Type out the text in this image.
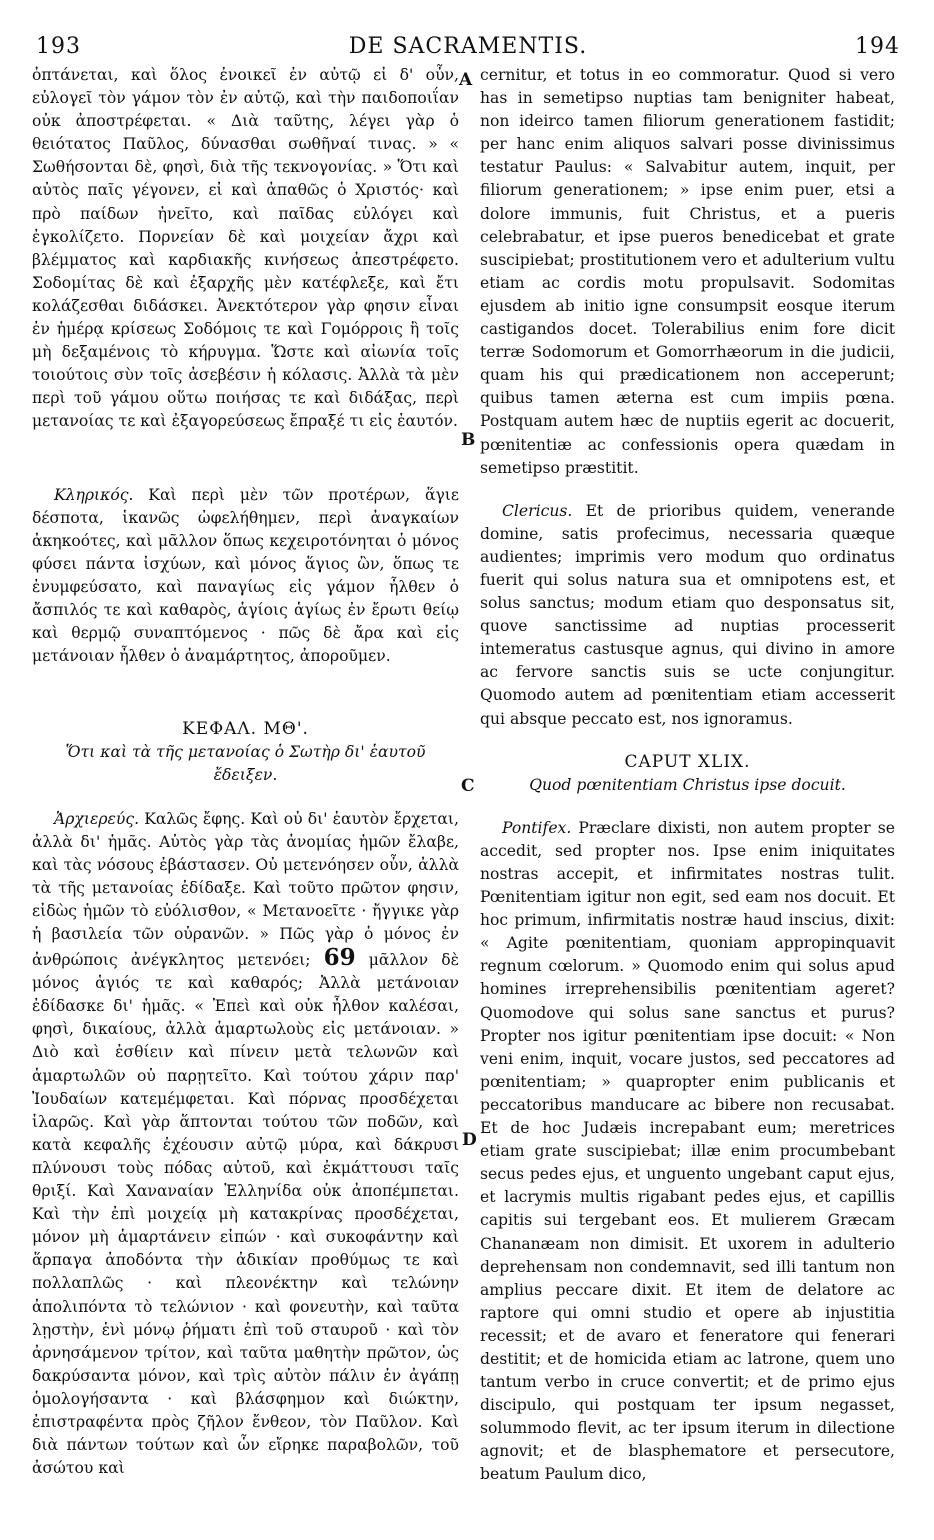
193	DE SACRAMENTIS.	194
A
B
C
D

ὀπτάνεται, καὶ ὅλος ἐνοικεῖ ἐν αὐτῷ εἰ δ' οὖν, εὐλογεῖ τὸν γάμον τὸν ἐν αὐτῷ, καὶ τὴν παιδοποιΐαν οὐκ ἀποστρέφεται. « Διὰ ταῦτης, λέγει γὰρ ὁ θειότατος Παῦλος, δύνασθαι σωθῆναί τινας. » « Σωθήσονται δὲ, φησὶ, διὰ τῆς τεκνογονίας. » Ὅτι καὶ αὐτὸς παῖς γέγονεν, εἰ καὶ ἀπαθῶς ὁ Χριστός· καὶ πρὸ παίδων ἠνεῖτο, καὶ παῖδας εὐλόγει καὶ ἐγκολίζετο. Πορνείαν δὲ καὶ μοιχείαν ἄχρι καὶ βλέμματος καὶ καρδιακῆς κινήσεως ἀπεστρέφετο. Σοδομίτας δὲ καὶ ἐξαρχῆς μὲν κατέφλεξε, καὶ ἔτι κολάζεσθαι διδάσκει. Ἀνεκτότερον γὰρ φησιν εἶναι ἐν ἡμέρᾳ κρίσεως Σοδόμοις τε καὶ Γομόρροις ἢ τοῖς μὴ δεξαμένοις τὸ κήρυγμα. Ὥστε καὶ αἰωνία τοῖς τοιούτοις σὺν τοῖς ἀσεβέσιν ἡ κόλασις. Ἀλλὰ τὰ μὲν περὶ τοῦ γάμου οὕτω ποιήσας τε καὶ διδάξας, περὶ μετανοίας τε καὶ ἐξαγορεύσεως ἔπραξέ τι εἰς ἑαυτόν.

Κληρικός. Καὶ περὶ μὲν τῶν προτέρων, ἅγιε δέσποτα, ἱκανῶς ὠφελήθημεν, περὶ ἀναγκαίων ἀκηκοότες, καὶ μᾶλλον ὅπως κεχειροτόνηται ὁ μόνος φύσει πάντα ἰσχύων, καὶ μόνος ἅγιος ὢν, ὅπως τε ἐνυμφεύσατο, καὶ παναγίως εἰς γάμον ἦλθεν ὁ ἄσπιλός τε καὶ καθαρὸς, ἁγίοις ἁγίως ἐν ἔρωτι θείῳ καὶ θερμῷ συναπτόμενος · πῶς δὲ ἄρα καὶ εἰς μετάνοιαν ἦλθεν ὁ ἀναμάρτητος, ἀποροῦμεν.

ΚΕΦΑΛ. ΜΘ'.

Ὅτι καὶ τὰ τῆς μετανοίας ὁ Σωτὴρ δι' ἑαυτοῦ ἔδειξεν.

Ἀρχιερεύς. Καλῶς ἔφης. Καὶ οὐ δι' ἑαυτὸν ἔρχεται, ἀλλὰ δι' ἡμᾶς. Αὐτὸς γὰρ τὰς ἀνομίας ἡμῶν ἔλαβε, καὶ τὰς νόσους ἐβάστασεν. Οὐ μετενόησεν οὖν, ἀλλὰ τὰ τῆς μετανοίας ἐδίδαξε. Καὶ τοῦτο πρῶτον φησιν, εἰδὼς ἡμῶν τὸ εὐόλισθον, « Μετανοεῖτε · ἤγγικε γὰρ ἡ βασιλεία τῶν οὐρανῶν. » Πῶς γὰρ ὁ μόνος ἐν ἀνθρώποις ἀνέγκλητος μετενόει; 69 μᾶλλον δὲ μόνος ἁγιός τε καὶ καθαρός; Ἀλλὰ μετάνοιαν ἐδίδασκε δι' ἡμᾶς. « Ἐπεὶ καὶ οὐκ ἦλθον καλέσαι, φησὶ, δικαίους, ἀλλὰ ἁμαρτωλοὺς εἰς μετάνοιαν. » Διὸ καὶ ἐσθίειν καὶ πίνειν μετὰ τελωνῶν καὶ ἁμαρτωλῶν οὐ παρῃτεῖτο. Καὶ τούτου χάριν παρ' Ἰουδαίων κατεμέμφεται. Καὶ πόρνας προσδέχεται ἱλαρῶς. Καὶ γὰρ ἅπτονται τούτου τῶν ποδῶν, καὶ κατὰ κεφαλῆς ἐχέουσιν αὐτῷ μύρα, καὶ δάκρυσι πλύνουσι τοὺς πόδας αὐτοῦ, καὶ ἐκμάττουσι ταῖς θριξί. Καὶ Χαναναίαν Ἑλληνίδα οὐκ ἀποπέμπεται. Καὶ τὴν ἐπὶ μοιχείᾳ μὴ κατακρίνας προσδέχεται, μόνον μὴ ἁμαρτάνειν εἰπών · καὶ συκοφάντην καὶ ἅρπαγα ἀποδόντα τὴν ἀδικίαν προθύμως τε καὶ πολλαπλῶς · καὶ πλεονέκτην καὶ τελώνην ἀπολιπόντα τὸ τελώνιον · καὶ φονευτὴν, καὶ ταῦτα λῃστὴν, ἑνὶ μόνῳ ῥήματι ἐπὶ τοῦ σταυροῦ · καὶ τὸν ἀρνησάμενον τρίτον, καὶ ταῦτα μαθητὴν πρῶτον, ὡς δακρύσαντα μόνον, καὶ τρὶς αὐτὸν πάλιν ἐν ἀγάπῃ ὁμολογήσαντα · καὶ βλάσφημον καὶ διώκτην, ἐπιστραφέντα πρὸς ζῆλον ἔνθεον, τὸν Παῦλον. Καὶ διὰ πάντων τούτων καὶ ὧν εἴρηκε παραβολῶν, τοῦ ἀσώτου καὶ

cernitur, et totus in eo commoratur. Quod si vero has in semetipso nuptias tam benigniter habeat, non ideirco tamen filiorum generationem fastidit; per hanc enim aliquos salvari posse divinissimus testatur Paulus: « Salvabitur autem, inquit, per filiorum generationem; » ipse enim puer, etsi a dolore immunis, fuit Christus, et a pueris celebrabatur, et ipse pueros benedicebat et grate suscipiebat; prostitutionem vero et adulterium vultu etiam ac cordis motu propulsavit. Sodomitas ejusdem ab initio igne consumpsit eosque iterum castigandos docet. Tolerabilius enim fore dicit terræ Sodomorum et Gomorrhæorum in die judicii, quam his qui prædicationem non acceperunt; quibus tamen æterna est cum impiis pœna. Postquam autem hæc de nuptiis egerit ac docuerit, pœnitentiæ ac confessionis opera quædam in semetipso præstitit.

Clericus. Et de prioribus quidem, venerande domine, satis profecimus, necessaria quæque audientes; imprimis vero modum quo ordinatus fuerit qui solus natura sua et omnipotens est, et solus sanctus; modum etiam quo desponsatus sit, quove sanctissime ad nuptias processerit intemeratus castusque agnus, qui divino in amore ac fervore sanctis suis se ucte conjungitur. Quomodo autem ad pœnitentiam etiam accesserit qui absque peccato est, nos ignoramus.

CAPUT XLIX.

Quod pœnitentiam Christus ipse docuit.

Pontifex. Præclare dixisti, non autem propter se accedit, sed propter nos. Ipse enim iniquitates nostras accepit, et infirmitates nostras tulit. Pœnitentiam igitur non egit, sed eam nos docuit. Et hoc primum, infirmitatis nostræ haud inscius, dixit: « Agite pœnitentiam, quoniam appropinquavit regnum cœlorum. » Quomodo enim qui solus apud homines irreprehensibilis pœnitentiam ageret? Quomodove qui solus sane sanctus et purus? Propter nos igitur pœnitentiam ipse docuit: « Non veni enim, inquit, vocare justos, sed peccatores ad pœnitentiam; » quapropter enim publicanis et peccatoribus manducare ac bibere non recusabat. Et de hoc Judæis increpabant eum; meretrices etiam grate suscipiebat; illæ enim procumbebant secus pedes ejus, et unguento ungebant caput ejus, et lacrymis multis rigabant pedes ejus, et capillis capitis sui tergebant eos. Et mulierem Græcam Chananæam non dimisit. Et uxorem in adulterio deprehensam non condemnavit, sed illi tantum non amplius peccare dixit. Et item de delatore ac raptore qui omni studio et opere ab injustitia recessit; et de avaro et feneratore qui fenerari destitit; et de homicida etiam ac latrone, quem uno tantum verbo in cruce convertit; et de primo ejus discipulo, qui postquam ter ipsum negasset, solummodo flevit, ac ter ipsum iterum in dilectione agnovit; et de blasphematore et persecutore, beatum Paulum dico,
